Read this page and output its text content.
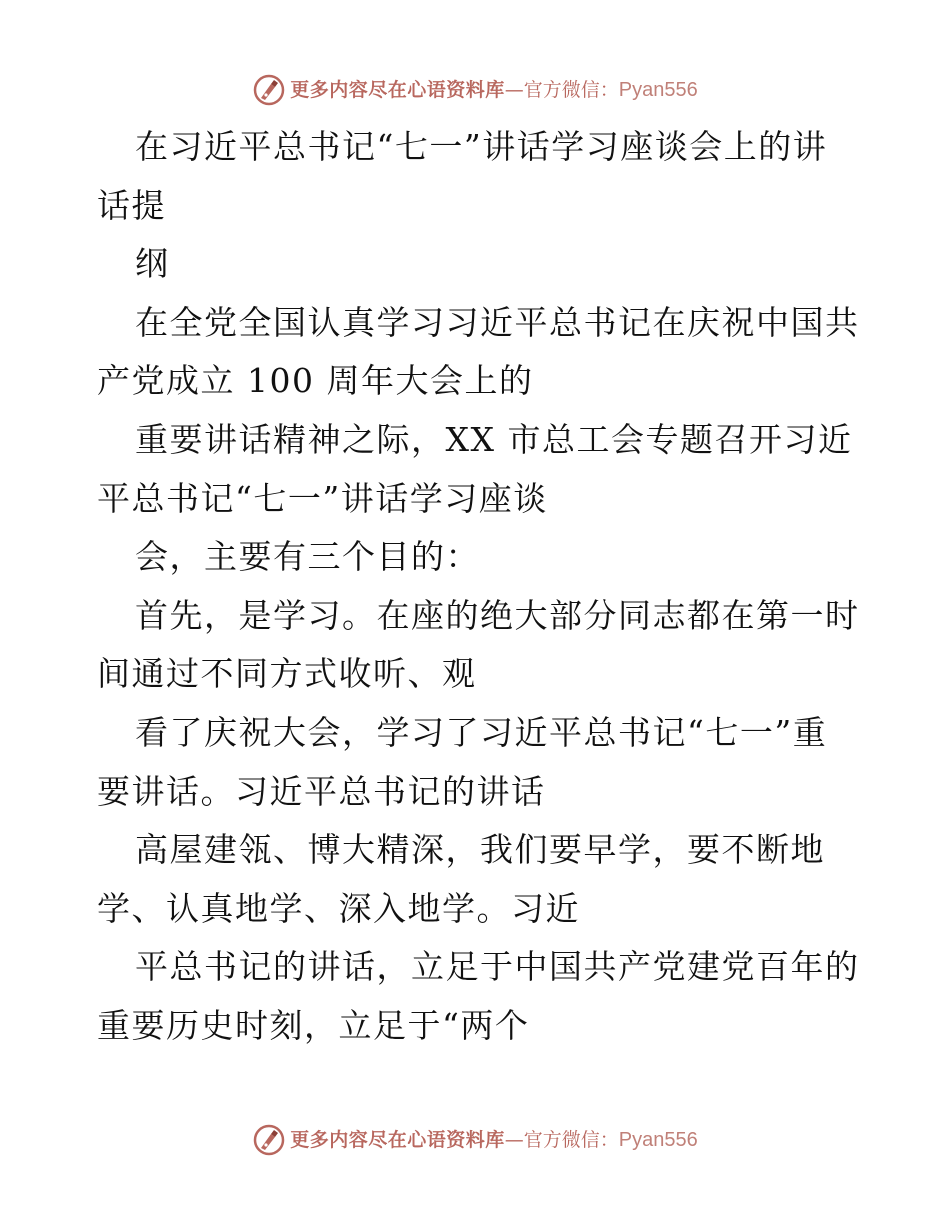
更多内容尽在心语资料库 — 官方微信： Pyan556
在习近平总书记“七一”讲话学习座谈会上的讲
话提
纲
在全党全国认真学习习近平总书记在庆祝中国共
产党成立 100 周年大会上的
重要讲话精神之际，XX 市总工会专题召开习近
平总书记“七一”讲话学习座谈
会，主要有三个目的：
首先，是学习。在座的绝大部分同志都在第一时
间通过不同方式收听、观
看了庆祝大会，学习了习近平总书记“七一”重
要讲话。习近平总书记的讲话
高屋建瓴、博大精深，我们要早学，要不断地
学、认真地学、深入地学。习近
平总书记的讲话，立足于中国共产党建党百年的
重要历史时刻，立足于“两个
更多内容尽在心语资料库 — 官方微信： Pyan556
